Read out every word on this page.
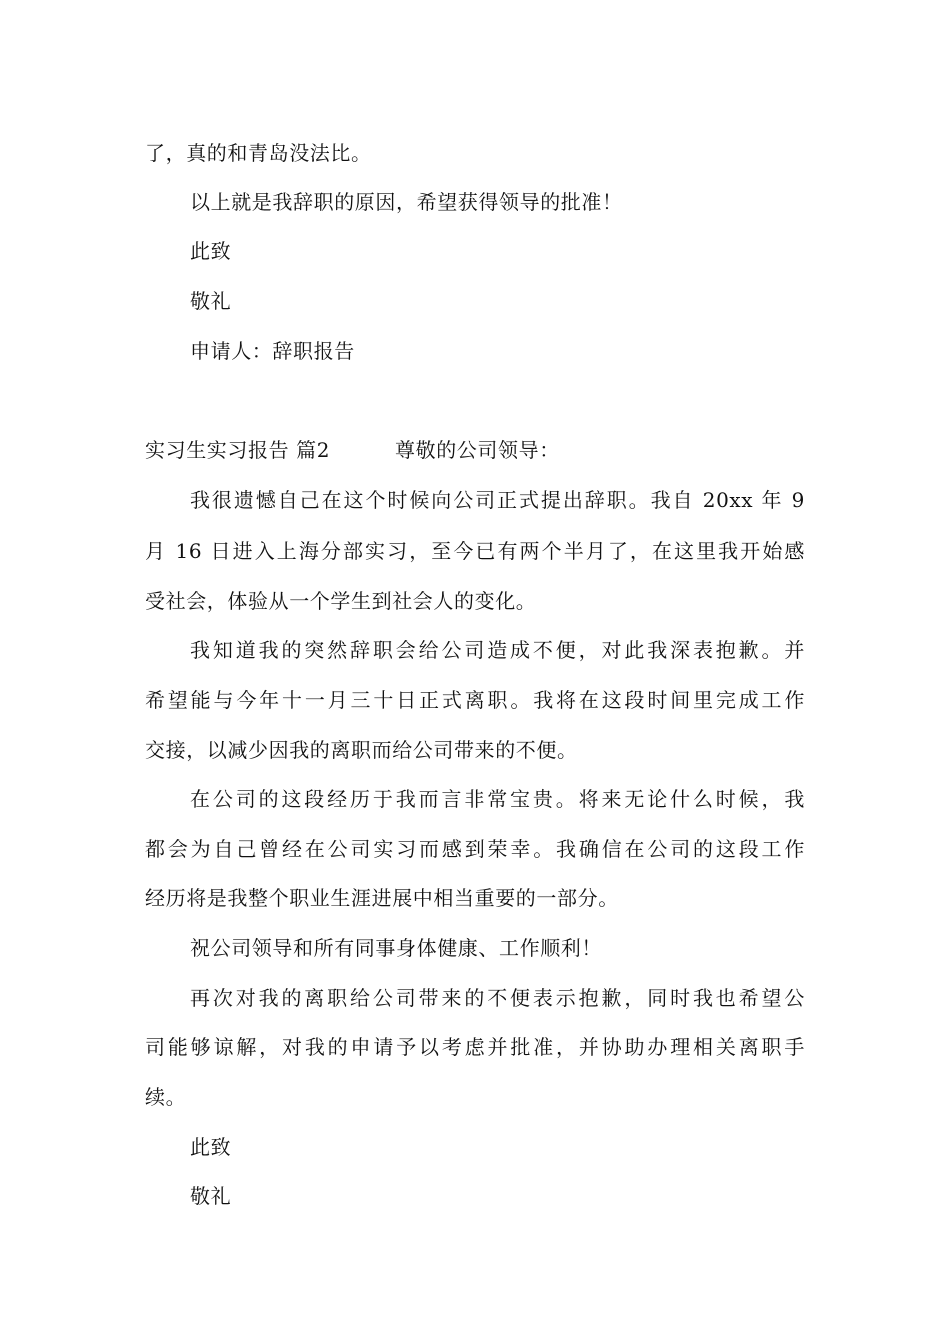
了，真的和青岛没法比。
以上就是我辞职的原因，希望获得领导的批准！
此致
敬礼
申请人：辞职报告
实习生实习报告 篇2	尊敬的公司领导：
我很遗憾自己在这个时候向公司正式提出辞职。我自 20xx 年 9
月 16 日进入上海分部实习，至今已有两个半月了，在这里我开始感
受社会，体验从一个学生到社会人的变化。
我知道我的突然辞职会给公司造成不便，对此我深表抱歉。并
希望能与今年十一月三十日正式离职。我将在这段时间里完成工作
交接，以减少因我的离职而给公司带来的不便。
在公司的这段经历于我而言非常宝贵。将来无论什么时候，我
都会为自己曾经在公司实习而感到荣幸。我确信在公司的这段工作
经历将是我整个职业生涯进展中相当重要的一部分。
祝公司领导和所有同事身体健康、工作顺利！
再次对我的离职给公司带来的不便表示抱歉，同时我也希望公
司能够谅解，对我的申请予以考虑并批准，并协助办理相关离职手
续。
此致
敬礼
